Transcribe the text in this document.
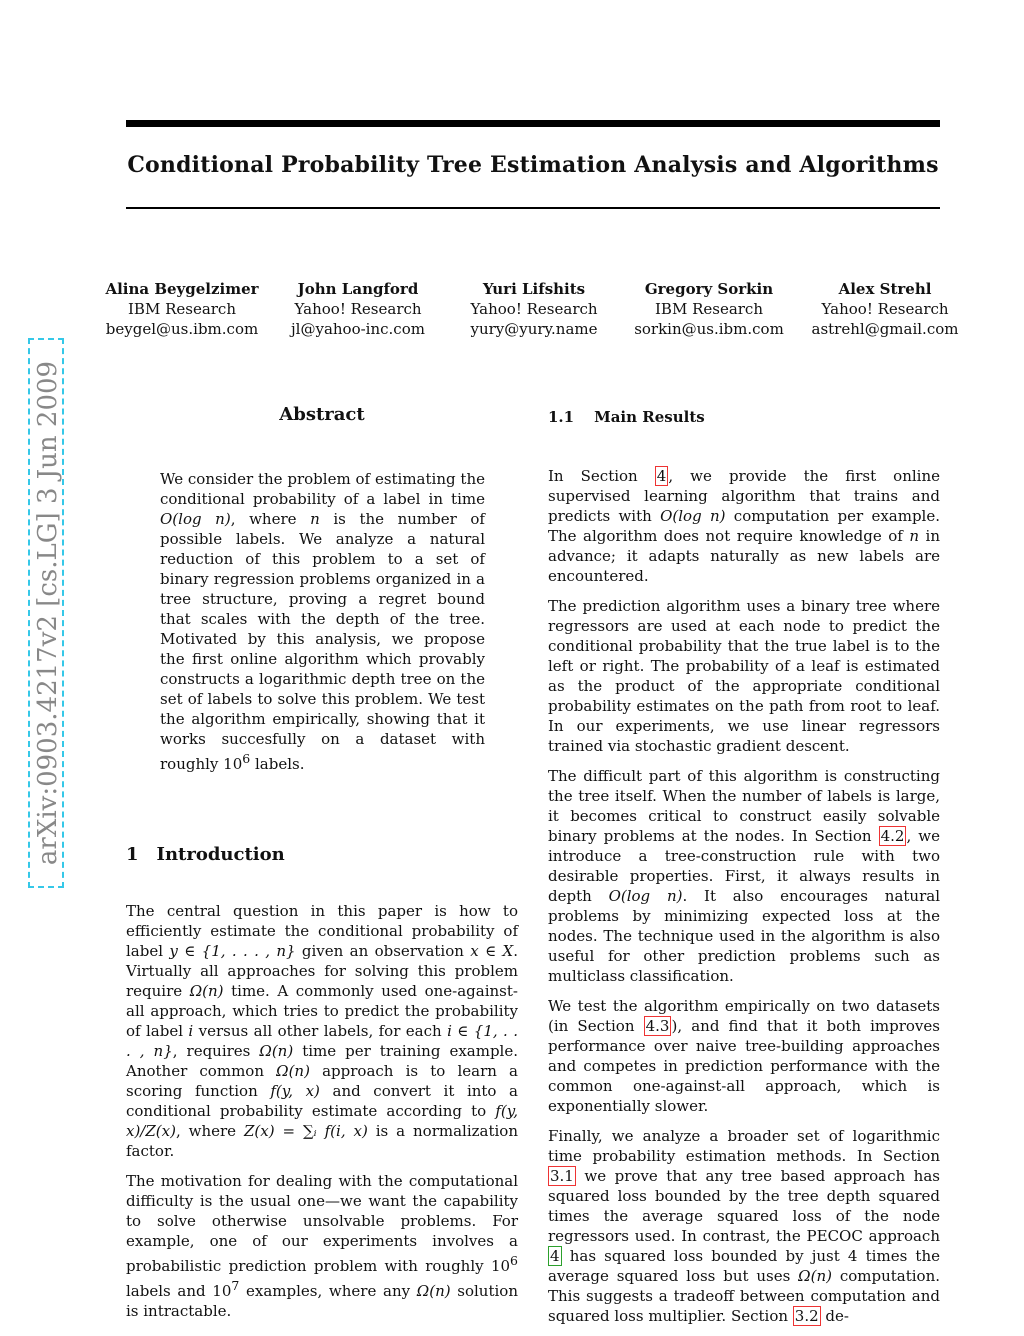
Conditional Probability Tree Estimation Analysis and Algorithms
Alina Beygelzimer
IBM Research
beygel@us.ibm.com
John Langford
Yahoo! Research
jl@yahoo-inc.com
Yuri Lifshits
Yahoo! Research
yury@yury.name
Gregory Sorkin
IBM Research
sorkin@us.ibm.com
Alex Strehl
Yahoo! Research
astrehl@gmail.com
arXiv:0903.4217v2 [cs.LG] 3 Jun 2009	Abstract
We consider the problem of estimating the conditional probability of a label in time O(log n), where n is the number of possible labels. We analyze a natural reduction of this problem to a set of binary regression problems organized in a tree structure, proving a regret bound that scales with the depth of the tree. Motivated by this analysis, we propose the first online algorithm which provably constructs a logarithmic depth tree on the set of labels to solve this problem. We test the algorithm empirically, showing that it works succesfully on a dataset with roughly $10^6$ labels.
1 Introduction

The central question in this paper is how to efficiently estimate the conditional probability of label y ∈ {1, . . . , n} given an observation x ∈ X. Virtually all approaches for solving this problem require Ω(n) time. A commonly used one-against-all approach, which tries to predict the probability of label i versus all other labels, for each i ∈ {1, . . . , n}, requires Ω(n) time per training example. Another common Ω(n) approach is to learn a scoring function f(y, x) and convert it into a conditional probability estimate according to f(y, x)/Z(x), where Z(x) = ∑ᵢ f(i, x) is a normalization factor.

The motivation for dealing with the computational difficulty is the usual one—we want the capability to solve otherwise unsolvable problems. For example, one of our experiments involves a probabilistic prediction problem with roughly $10^6$ labels and $10^7$ examples, where any Ω(n) solution is intractable.

1.1 Main Results

In Section 4 , we provide the first online supervised learning algorithm that trains and predicts with O(log n) computation per example. The algorithm does not require knowledge of n in advance; it adapts naturally as new labels are encountered.

The prediction algorithm uses a binary tree where regressors are used at each node to predict the conditional probability that the true label is to the left or right. The probability of a leaf is estimated as the product of the appropriate conditional probability estimates on the path from root to leaf. In our experiments, we use linear regressors trained via stochastic gradient descent.

The difficult part of this algorithm is constructing the tree itself. When the number of labels is large, it becomes critical to construct easily solvable binary problems at the nodes. In Section 4.2 , we introduce a tree-construction rule with two desirable properties. First, it always results in depth O(log n). It also encourages natural problems by minimizing expected loss at the nodes. The technique used in the algorithm is also useful for other prediction problems such as multiclass classification.

We test the algorithm empirically on two datasets (in Section 4.3 ), and find that it both improves performance over naive tree-building approaches and competes in prediction performance with the common one-against-all approach, which is exponentially slower.

Finally, we analyze a broader set of logarithmic time probability estimation methods. In Section 3.1 we prove that any tree based approach has squared loss bounded by the tree depth squared times the average squared loss of the node regressors used. In contrast, the PECOC approach 4 has squared loss bounded by just 4 times the average squared loss but uses Ω(n) computation. This suggests a tradeoff between computation and squared loss multiplier. Section 3.2 de-
